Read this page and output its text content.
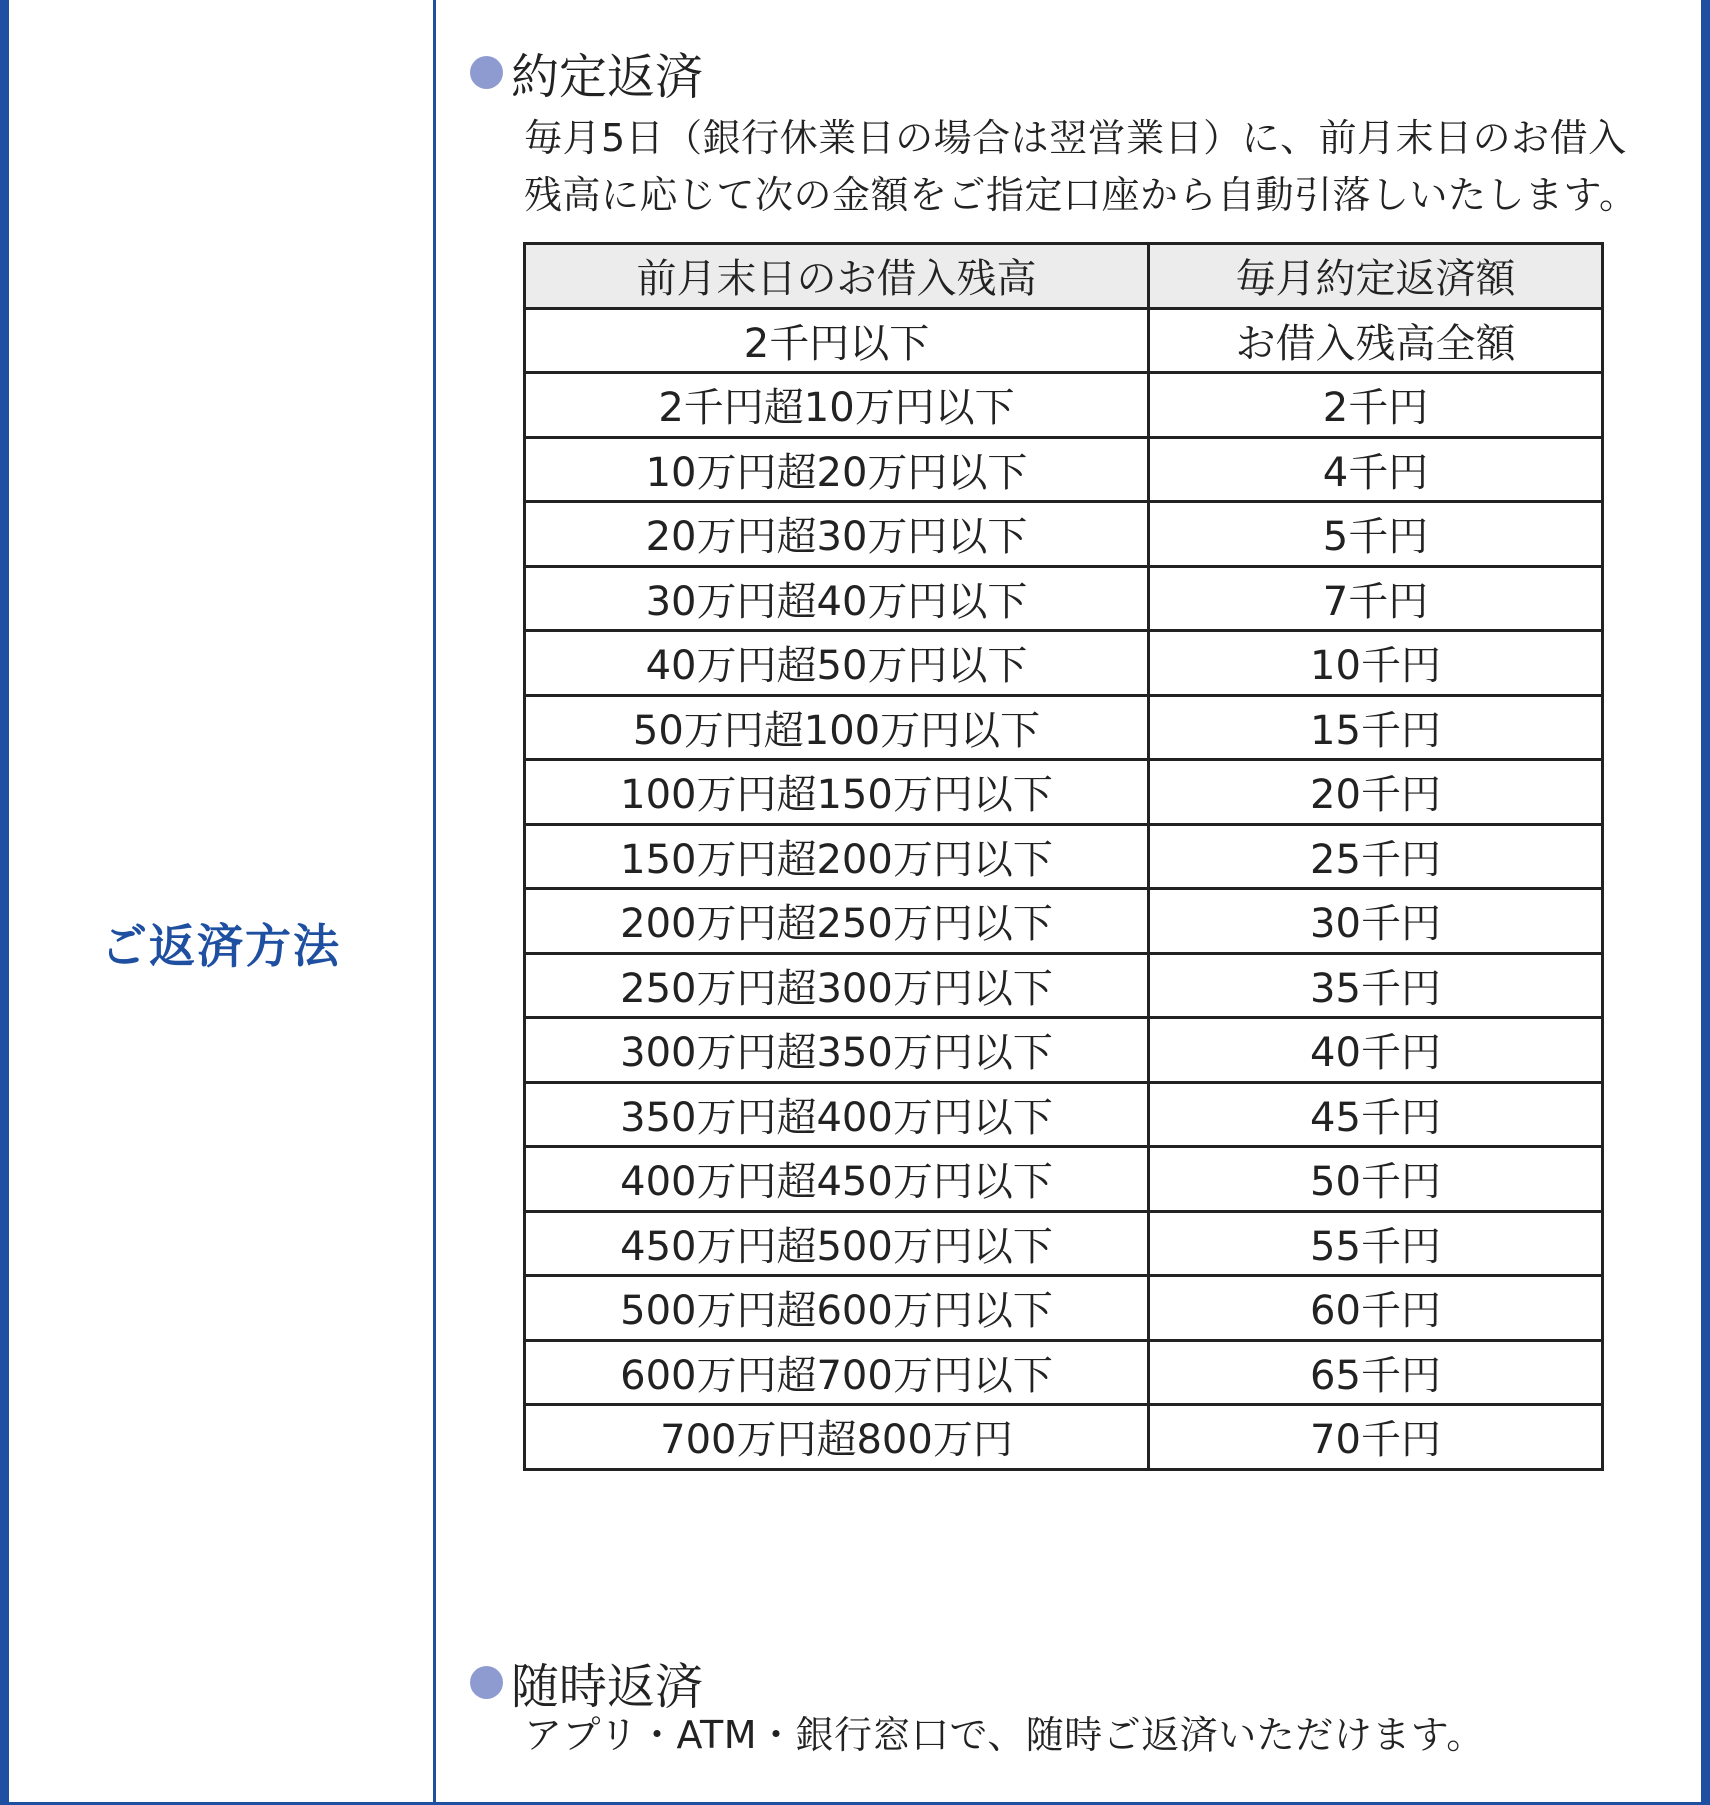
ご返済方法
約定返済
毎月5日（銀行休業日の場合は翌営業日）に、前月末日のお借入
残高に応じて次の金額をご指定口座から自動引落しいたします。
前月末日のお借入残高	毎月約定返済額
2千円以下	お借入残高全額
2千円超10万円以下	2千円
10万円超20万円以下	4千円
20万円超30万円以下	5千円
30万円超40万円以下	7千円
40万円超50万円以下	10千円
50万円超100万円以下	15千円
100万円超150万円以下	20千円
150万円超200万円以下	25千円
200万円超250万円以下	30千円
250万円超300万円以下	35千円
300万円超350万円以下	40千円
350万円超400万円以下	45千円
400万円超450万円以下	50千円
450万円超500万円以下	55千円
500万円超600万円以下	60千円
600万円超700万円以下	65千円
700万円超800万円	70千円
随時返済
アプリ・ATM・銀行窓口で、随時ご返済いただけます。
